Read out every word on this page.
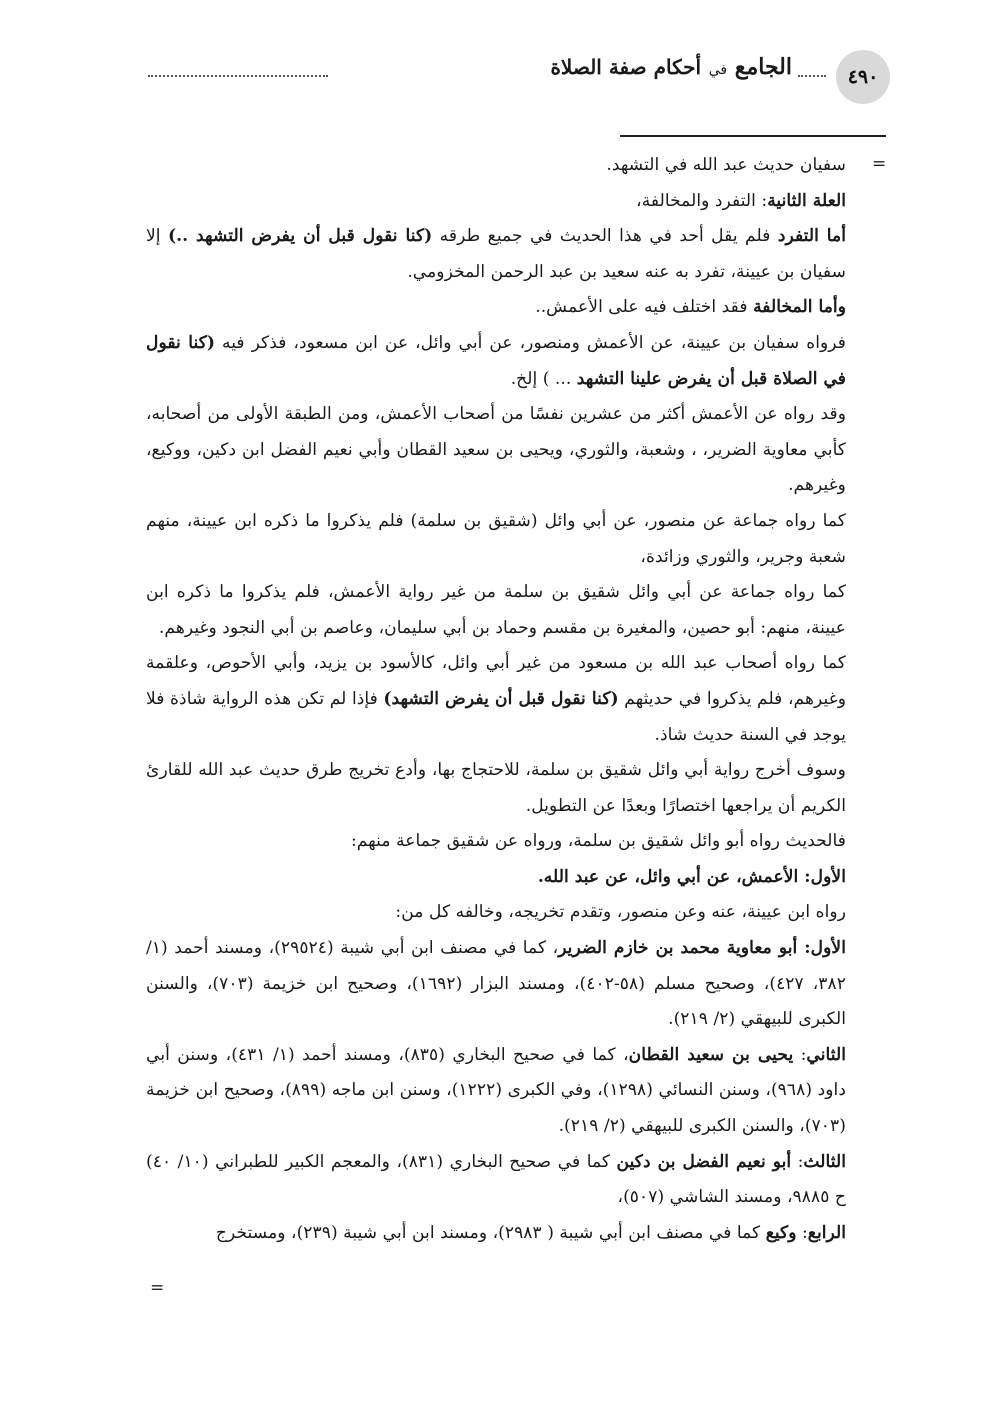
٤٩٠
الجامع في أحكام صفة الصلاة
=

سفيان حديث عبد الله في التشهد.

العلة الثانية: التفرد والمخالفة،

أما التفرد فلم يقل أحد في هذا الحديث في جميع طرقه (كنا نقول قبل أن يفرض التشهد ..) إلا سفيان بن عيينة، تفرد به عنه سعيد بن عبد الرحمن المخزومي.

وأما المخالفة فقد اختلف فيه على الأعمش..

فرواه سفيان بن عيينة، عن الأعمش ومنصور، عن أبي وائل، عن ابن مسعود، فذكر فيه (كنا نقول في الصلاة قبل أن يفرض علينا التشهد ... ) إلخ.

وقد رواه عن الأعمش أكثر من عشرين نفسًا من أصحاب الأعمش، ومن الطبقة الأولى من أصحابه، كأبي معاوية الضرير، ، وشعبة، والثوري، ويحيى بن سعيد القطان وأبي نعيم الفضل ابن دكين، ووكيع، وغيرهم.

كما رواه جماعة عن منصور، عن أبي وائل (شقيق بن سلمة) فلم يذكروا ما ذكره ابن عيينة، منهم شعبة وجرير، والثوري وزائدة،

كما رواه جماعة عن أبي وائل شقيق بن سلمة من غير رواية الأعمش، فلم يذكروا ما ذكره ابن عيينة، منهم: أبو حصين، والمغيرة بن مقسم وحماد بن أبي سليمان، وعاصم بن أبي النجود وغيرهم.

كما رواه أصحاب عبد الله بن مسعود من غير أبي وائل، كالأسود بن يزيد، وأبي الأحوص، وعلقمة وغيرهم، فلم يذكروا في حديثهم (كنا نقول قبل أن يفرض التشهد) فإذا لم تكن هذه الرواية شاذة فلا يوجد في السنة حديث شاذ.

وسوف أخرج رواية أبي وائل شقيق بن سلمة، للاحتجاج بها، وأدع تخريج طرق حديث عبد الله للقارئ الكريم أن يراجعها اختصارًا وبعدًا عن التطويل.

فالحديث رواه أبو وائل شقيق بن سلمة، ورواه عن شقيق جماعة منهم:

الأول: الأعمش، عن أبي وائل، عن عبد الله.

رواه ابن عيينة، عنه وعن منصور، وتقدم تخريجه، وخالفه كل من:

الأول: أبو معاوية محمد بن خازم الضرير، كما في مصنف ابن أبي شيبة (٢٩٥٢٤)، ومسند أحمد (١/ ٣٨٢، ٤٢٧)، وصحيح مسلم (٥٨-٤٠٢)، ومسند البزار (١٦٩٢)، وصحيح ابن خزيمة (٧٠٣)، والسنن الكبرى للبيهقي (٢/ ٢١٩).

الثاني: يحيى بن سعيد القطان، كما في صحيح البخاري (٨٣٥)، ومسند أحمد (١/ ٤٣١)، وسنن أبي داود (٩٦٨)، وسنن النسائي (١٢٩٨)، وفي الكبرى (١٢٢٢)، وسنن ابن ماجه (٨٩٩)، وصحيح ابن خزيمة (٧٠٣)، والسنن الكبرى للبيهقي (٢/ ٢١٩).

الثالث: أبو نعيم الفضل بن دكين كما في صحيح البخاري (٨٣١)، والمعجم الكبير للطبراني (١٠/ ٤٠) ح ٩٨٨٥، ومسند الشاشي (٥٠٧)،

الرابع: وكيع كما في مصنف ابن أبي شيبة ( ٢٩٨٣)، ومسند ابن أبي شيبة (٢٣٩)، ومستخرج

=
